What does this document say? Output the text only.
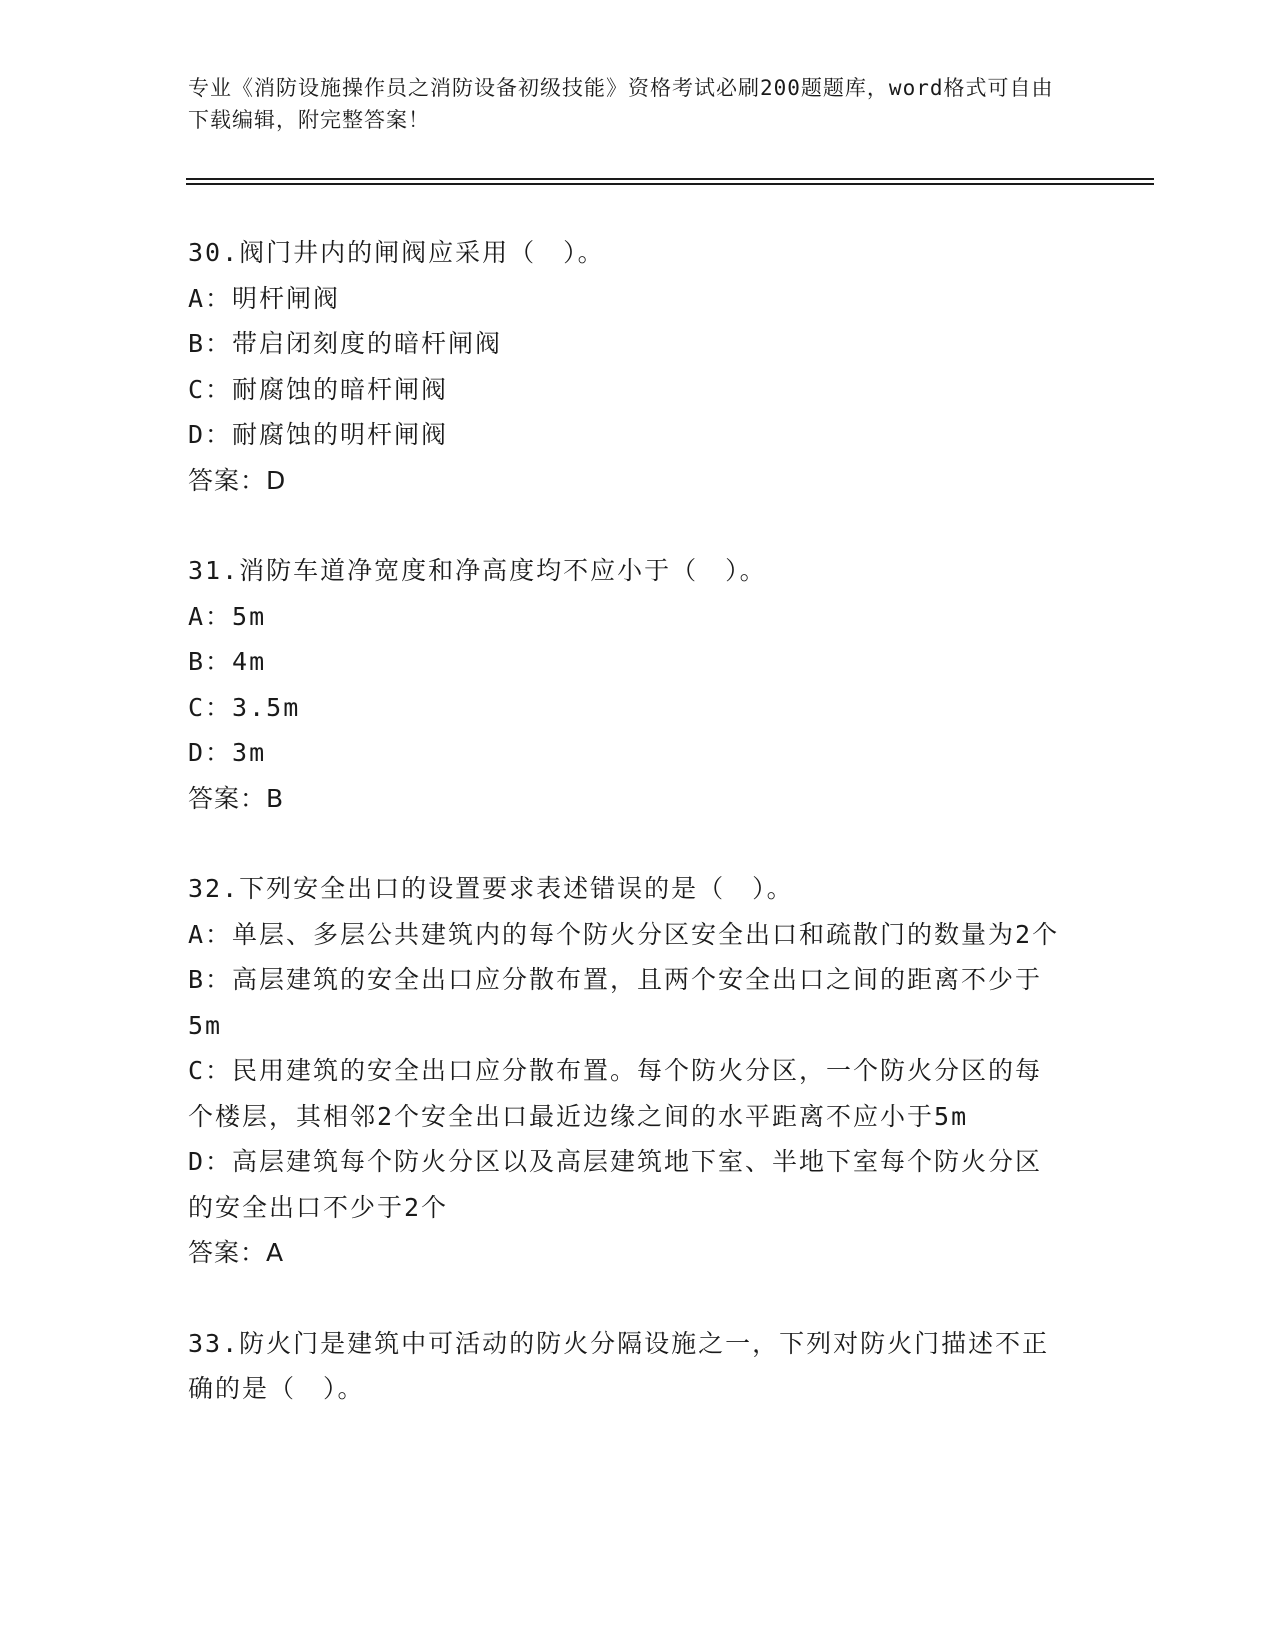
专业《消防设施操作员之消防设备初级技能》资格考试必刷200题题库，word格式可自由下载编辑，附完整答案！
30.阀门井内的闸阀应采用（　）。
A：明杆闸阀
B：带启闭刻度的暗杆闸阀
C：耐腐蚀的暗杆闸阀
D：耐腐蚀的明杆闸阀
答案：D
31.消防车道净宽度和净高度均不应小于（　）。
A：5m
B：4m
C：3.5m
D：3m
答案：B
32.下列安全出口的设置要求表述错误的是（　）。
A：单层、多层公共建筑内的每个防火分区安全出口和疏散门的数量为2个
B：高层建筑的安全出口应分散布置，且两个安全出口之间的距离不少于5m
C：民用建筑的安全出口应分散布置。每个防火分区，一个防火分区的每个楼层，其相邻2个安全出口最近边缘之间的水平距离不应小于5m
D：高层建筑每个防火分区以及高层建筑地下室、半地下室每个防火分区的安全出口不少于2个
答案：A
33.防火门是建筑中可活动的防火分隔设施之一，下列对防火门描述不正确的是（　）。
